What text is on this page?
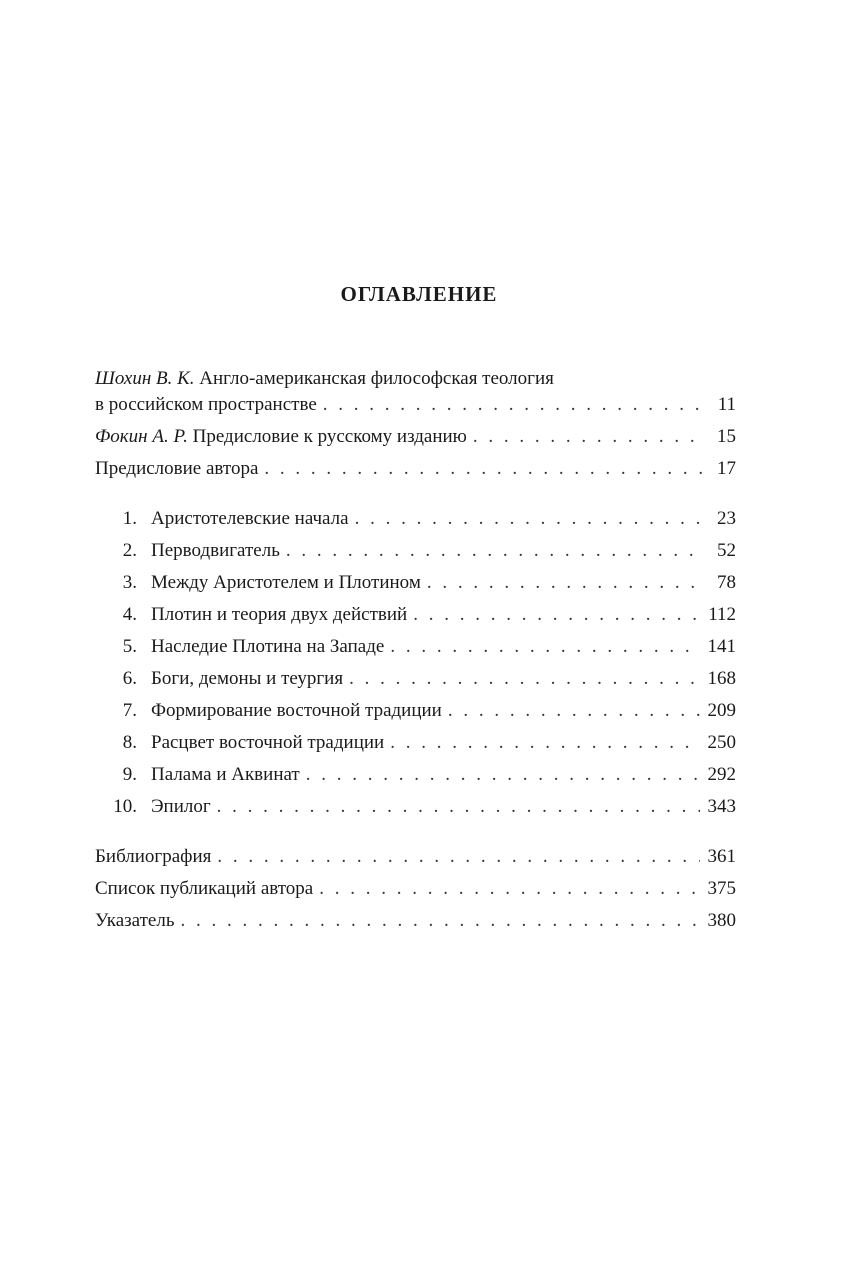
ОГЛАВЛЕНИЕ
Шохин В. К. Англо-американская философская теология
в российском пространстве . . .	11
Фокин А. Р. Предисловие к русскому изданию . . .	15
Предисловие автора . . .	17
1. Аристотелевские начала . . .	23
2. Перводвигатель . . .	52
3. Между Аристотелем и Плотином . . .	78
4. Плотин и теория двух действий . . .	112
5. Наследие Плотина на Западе . . .	141
6. Боги, демоны и теургия . . .	168
7. Формирование восточной традиции . . .	209
8. Расцвет восточной традиции . . .	250
9. Палама и Аквинат . . .	292
10. Эпилог . . .	343
Библиография . . .	361
Список публикаций автора . . .	375
Указатель . . .	380
